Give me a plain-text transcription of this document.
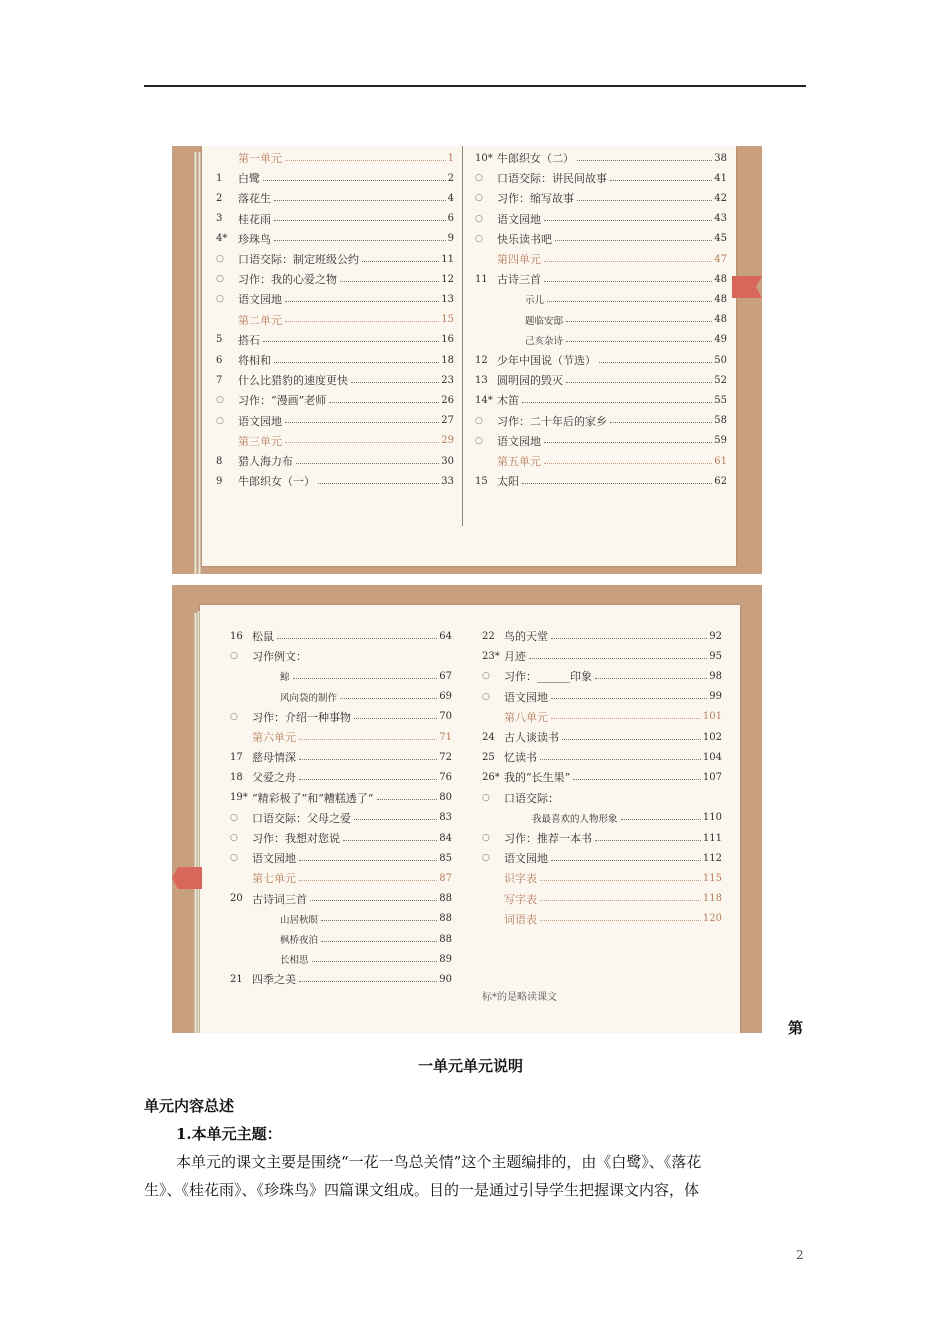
第一单元	1
1	白鹭	2
2	落花生	4
3	桂花雨	6
4* 珍珠鸟	9
○	口语交际：制定班级公约	11
○	习作：我的心爱之物	12
○	语文园地	13
第二单元	15
5	搭石	16
6	将相和	18
7	什么比猎豹的速度更快	23
○	习作：“漫画”老师	26
○	语文园地	27
第三单元	29
8	猎人海力布	30
9	牛郎织女（一）	33
10* 牛郎织女（二）	38
○	口语交际：讲民间故事	41
○	习作：缩写故事	42
○	语文园地	43
○	快乐读书吧	45
第四单元	47
11 古诗三首	48
示儿	48
题临安邸	48
己亥杂诗	49
12 少年中国说（节选）	50
13 圆明园的毁灭	52
14* 木笛	55
○	习作：二十年后的家乡	58
○	语文园地	59
第五单元	61
15 太阳	62
16 松鼠	64
○	习作例文：
鲸	67
风向袋的制作	69
○	习作：介绍一种事物	70
第六单元	71
17 慈母情深	72
18 父爱之舟	76
19* “精彩极了”和“糟糕透了”	80
○	口语交际：父母之爱	83
○	习作：我想对您说	84
○	语文园地	85
第七单元	87
20 古诗词三首	88
山居秋暝	88
枫桥夜泊	88
长相思	89
21 四季之美	90
22 鸟的天堂	92
23* 月迹	95
○	习作：______印象	98
○	语文园地	99
第八单元	101
24 古人谈读书	102
25 忆读书	104
26* 我的“长生果”	107
○	口语交际：
我最喜欢的人物形象	110
○	习作：推荐一本书	111
○	语文园地	112
识字表	115
写字表	118
词语表	120
标*的是略读课文
第
一单元单元说明
单元内容总述
1.本单元主题：
本单元的课文主要是围绕“一花一鸟总关情”这个主题编排的，由《白鹭》、《落花
生》、《桂花雨》、《珍珠鸟》四篇课文组成。目的一是通过引导学生把握课文内容，体
2
